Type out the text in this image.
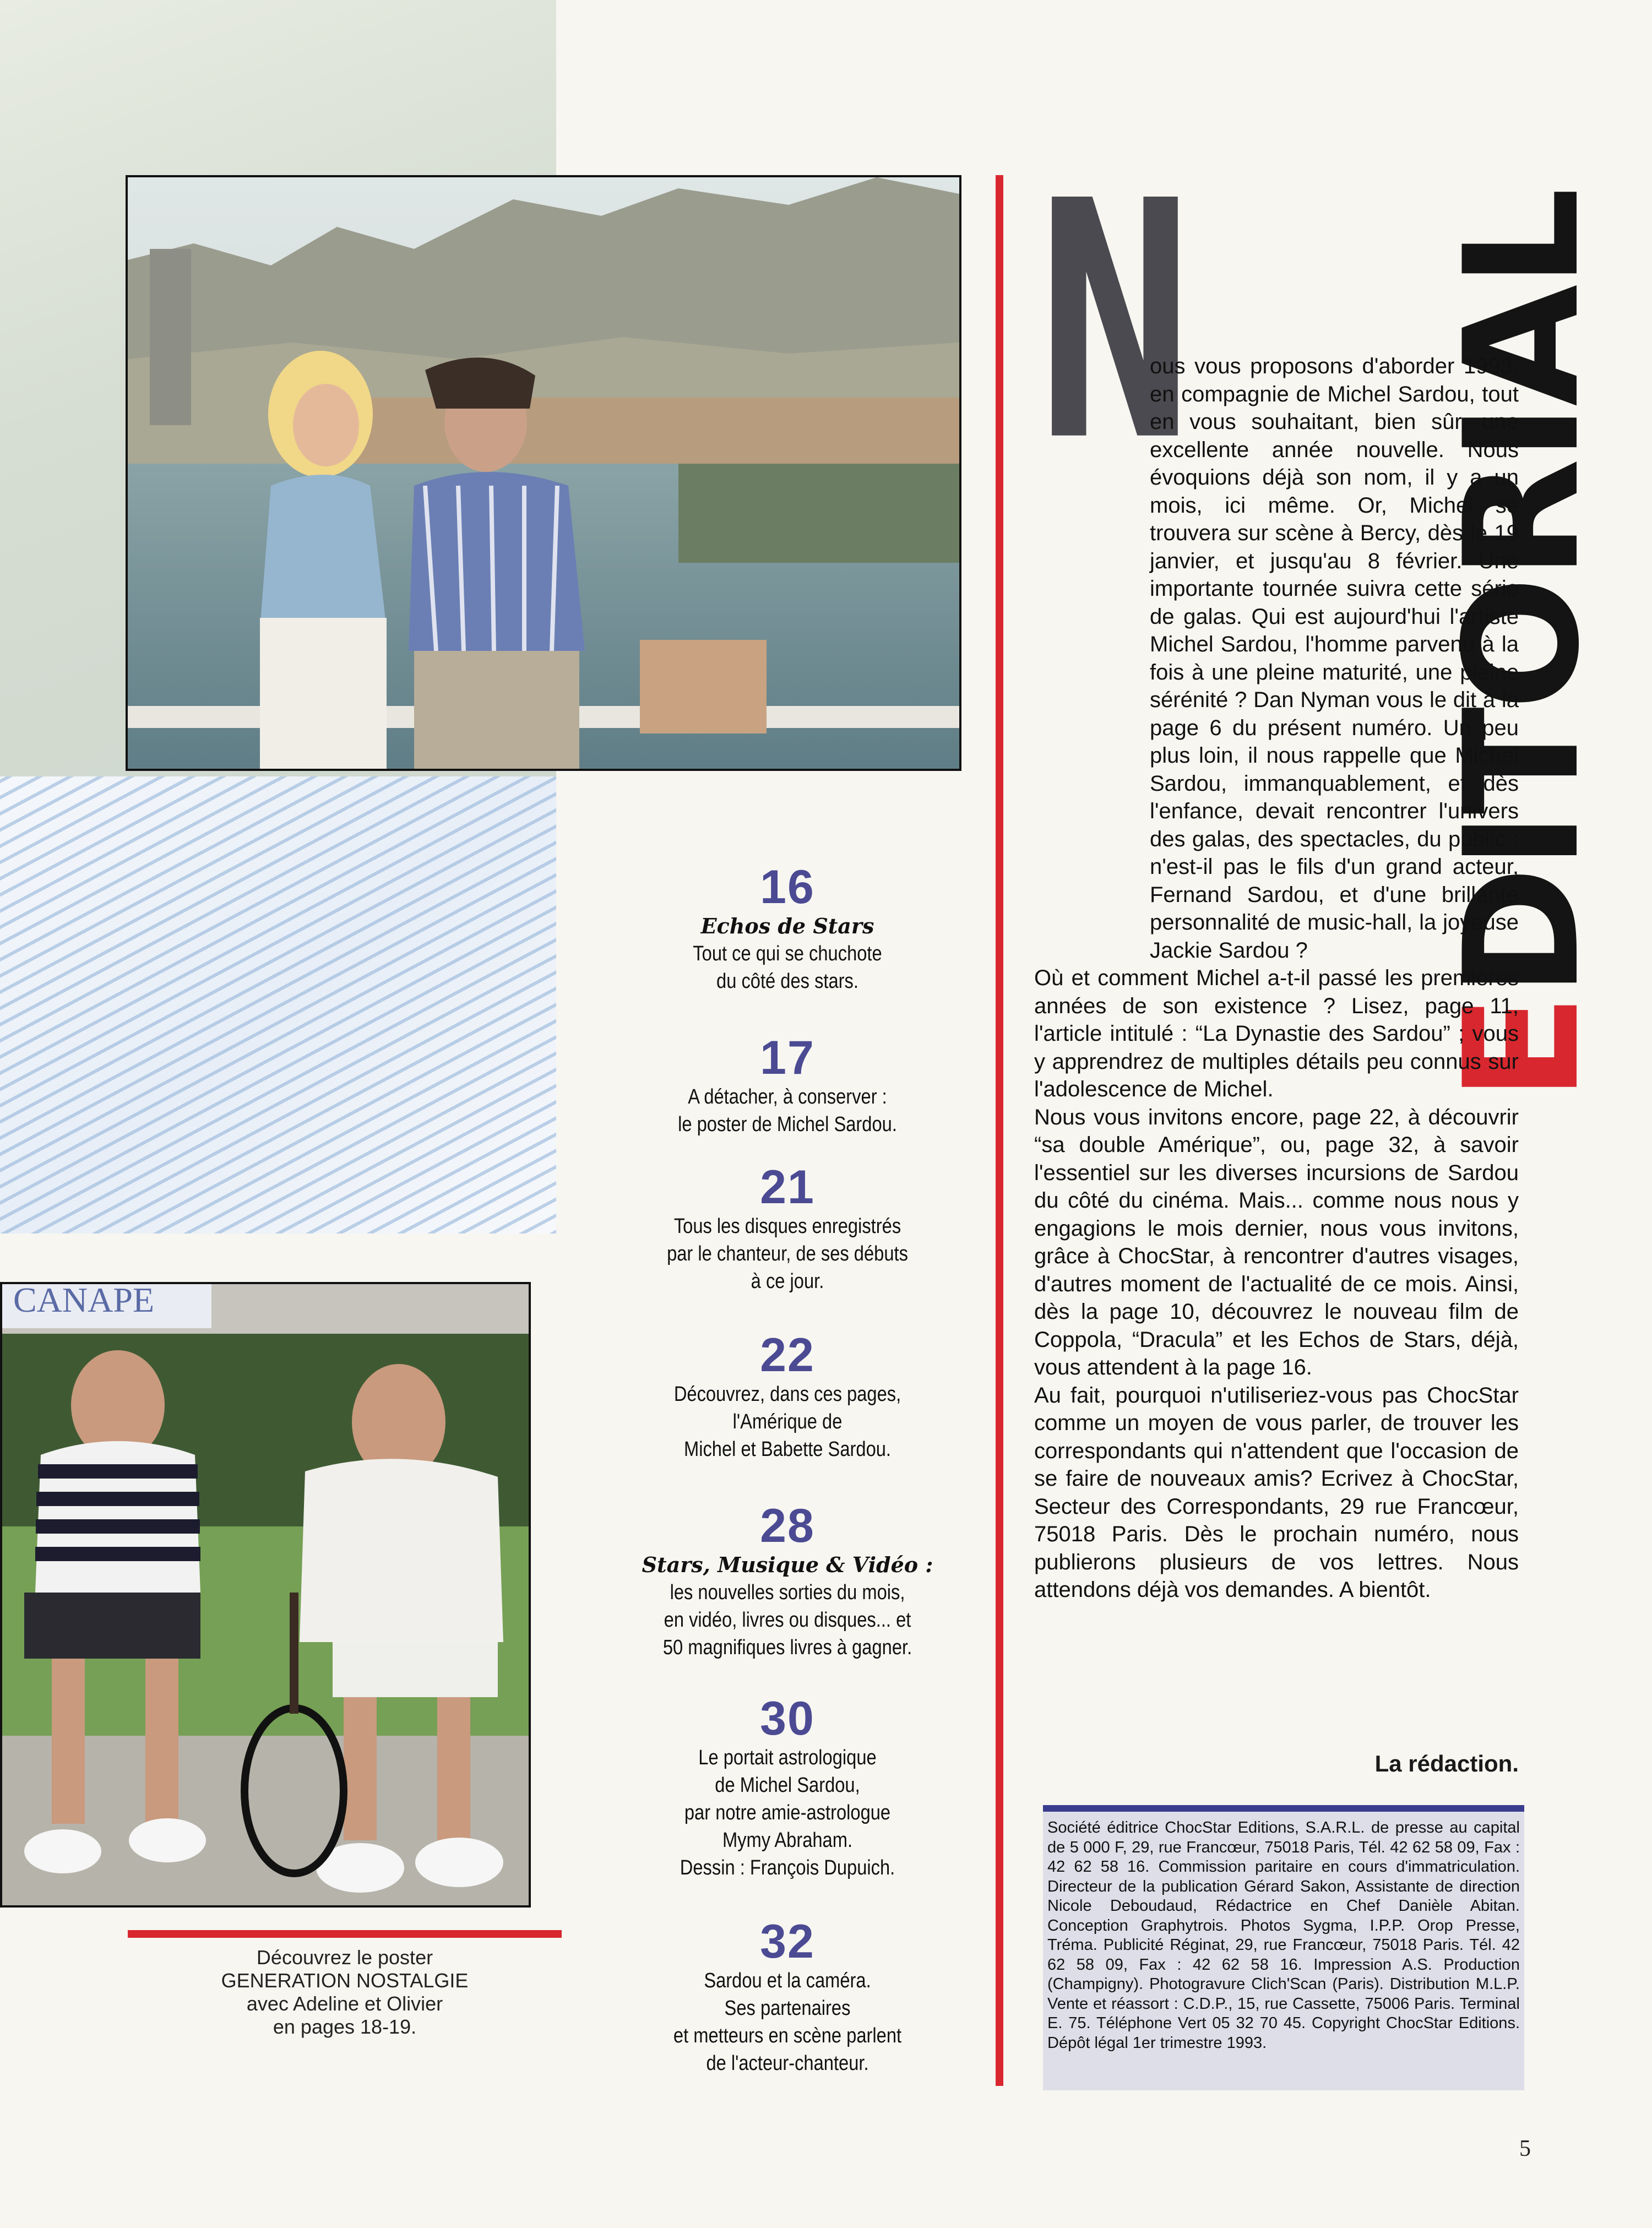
CANAPE
Découvrez le poster
GENERATION NOSTALGIE
avec Adeline et Olivier
en pages 18-19.
16
Echos de Stars
Tout ce qui se chuchote
du côté des stars.
17
A détacher, à conserver :
le poster de Michel Sardou.
21
Tous les disques enregistrés
par le chanteur, de ses débuts
à ce jour.
22
Découvrez, dans ces pages,
l'Amérique de
Michel et Babette Sardou.
28
Stars, Musique & Vidéo :
les nouvelles sorties du mois,
en vidéo, livres ou disques... et
50 magnifiques livres à gagner.
30
Le portait astrologique
de Michel Sardou,
par notre amie-astrologue
Mymy Abraham.
Dessin : François Dupuich.
32
Sardou et la caméra.
Ses partenaires
et metteurs en scène parlent
de l'acteur-chanteur.
EDITORIAL
N

ous vous proposons d'aborder 1993, en compagnie de Michel Sardou, tout en vous souhaitant, bien sûr, une excellente année nouvelle. Nous évoquions déjà son nom, il y a un mois, ici même. Or, Michel se trouvera sur scène à Bercy, dès le 19 janvier, et jusqu'au 8 février. Une importante tournée suivra cette série de galas. Qui est aujourd'hui l'artiste Michel Sardou, l'homme parvenu à la fois à une pleine maturité, une pleine sérénité ? Dan Nyman vous le dit à la page 6 du présent numéro. Un peu plus loin, il nous rappelle que Michel Sardou, immanquablement, et dès l'enfance, devait rencontrer l'univers des galas, des spectacles, du public : n'est-il pas le fils d'un grand acteur, Fernand Sardou, et d'une brillante personnalité de music-hall, la joyeuse Jackie Sardou ?

Où et comment Michel a-t-il passé les premières années de son existence ? Lisez, page 11, l'article intitulé : “La Dynastie des Sardou” ; vous y apprendrez de multiples détails peu connus sur l'adolescence de Michel.

Nous vous invitons encore, page 22, à découvrir “sa double Amérique”, ou, page 32, à savoir l'essentiel sur les diverses incursions de Sardou du côté du cinéma. Mais... comme nous nous y engagions le mois dernier, nous vous invitons, grâce à ChocStar, à rencontrer d'autres visages, d'autres moment de l'actualité de ce mois. Ainsi, dès la page 10, découvrez le nouveau film de Coppola, “Dracula” et les Echos de Stars, déjà, vous attendent à la page 16.

Au fait, pourquoi n'utiliseriez-vous pas ChocStar comme un moyen de vous parler, de trouver les correspondants qui n'attendent que l'occasion de se faire de nouveaux amis? Ecrivez à ChocStar, Secteur des Correspondants, 29 rue Francœur, 75018 Paris. Dès le prochain numéro, nous publierons plusieurs de vos lettres. Nous attendons déjà vos demandes. A bientôt.

La rédaction.
Société éditrice ChocStar Editions, S.A.R.L. de presse au capital de 5 000 F, 29, rue Francœur, 75018 Paris, Tél. 42 62 58 09, Fax : 42 62 58 16. Commission paritaire en cours d'immatriculation. Directeur de la publication Gérard Sakon, Assistante de direction Nicole Deboudaud, Rédactrice en Chef Danièle Abitan. Conception Graphytrois. Photos Sygma, I.P.P. Orop Presse, Tréma. Publicité Réginat, 29, rue Francœur, 75018 Paris. Tél. 42 62 58 09, Fax : 42 62 58 16. Impression A.S. Production (Champigny). Photogravure Clich'Scan (Paris). Distribution M.L.P. Vente et réassort : C.D.P., 15, rue Cassette, 75006 Paris. Terminal E. 75. Téléphone Vert 05 32 70 45. Copyright ChocStar Editions. Dépôt légal 1er trimestre 1993.
5
